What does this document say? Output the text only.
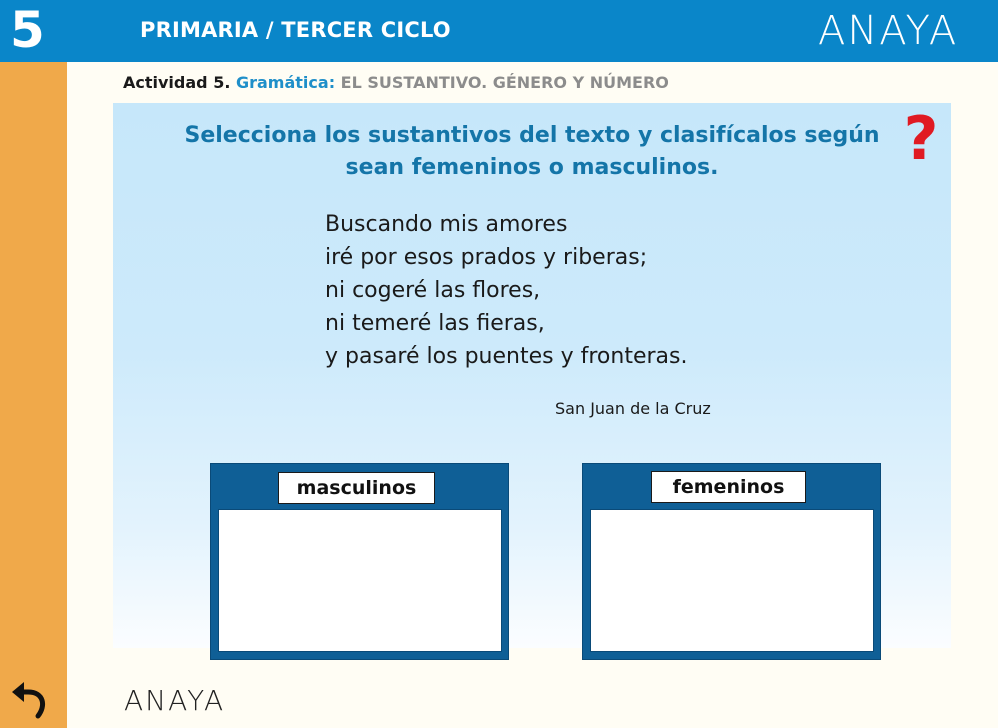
5	PRIMARIA / TERCER CICLO	ANAYA
Actividad 5. Gramática: EL SUSTANTIVO. GÉNERO Y NÚMERO
Selecciona los sustantivos del texto y clasifícalos según
sean femeninos o masculinos.	?
Buscando mis amores
iré por esos prados y riberas;
ni cogeré las flores,
ni temeré las fieras,
y pasaré los puentes y fronteras.
San Juan de la Cruz
masculinos	femeninos
ANAYA
